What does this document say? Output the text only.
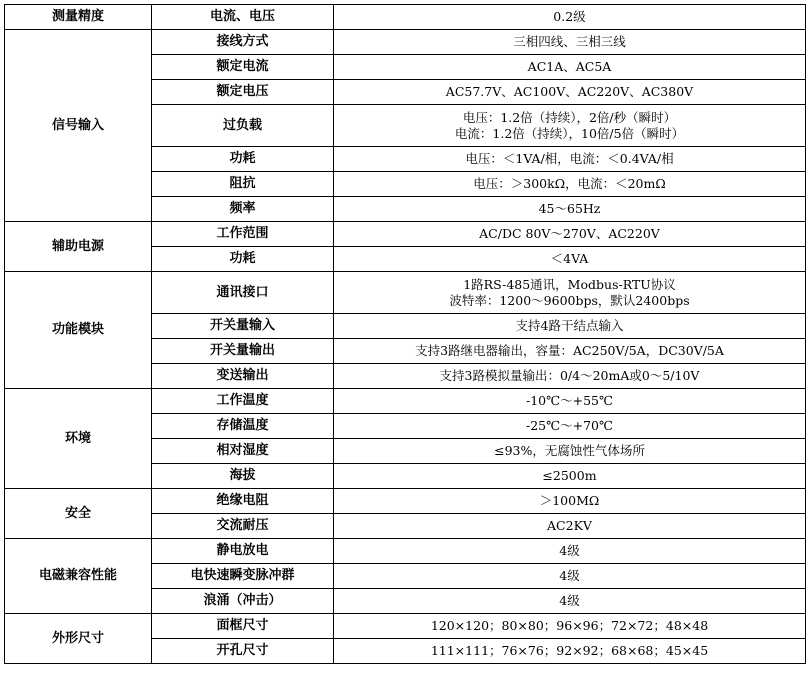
测量精度	电流、电压	0.2级

信号输入	接线方式	三相四线、三相三线

	额定电流	AC1A、AC5A

	额定电压	AC57.7V、AC100V、AC220V、AC380V

	过负载	电压：1.2倍（持续），2倍/秒（瞬时）
电流：1.2倍（持续），10倍/5倍（瞬时）

	功耗	电压：＜1VA/相，电流：＜0.4VA/相

	阻抗	电压：＞300kΩ，电流：＜20mΩ

	频率	45～65Hz

辅助电源	工作范围	AC/DC 80V～270V、AC220V

	功耗	＜4VA

功能模块	通讯接口	1路RS-485通讯，Modbus-RTU协议
波特率：1200～9600bps，默认2400bps

	开关量输入	支持4路干结点输入

	开关量输出	支持3路继电器输出，容量：AC250V/5A，DC30V/5A

	变送输出	支持3路模拟量输出：0/4～20mA或0～5/10V

环境	工作温度	-10℃～+55℃

	存储温度	-25℃～+70℃

	相对湿度	≤93%，无腐蚀性气体场所

	海拔	≤2500m

安全	绝缘电阻	＞100MΩ

	交流耐压	AC2KV

电磁兼容性能	静电放电	4级

	电快速瞬变脉冲群	4级

	浪涌（冲击）	4级

外形尺寸	面框尺寸	120×120；80×80；96×96；72×72；48×48

	开孔尺寸	111×111；76×76；92×92；68×68；45×45
